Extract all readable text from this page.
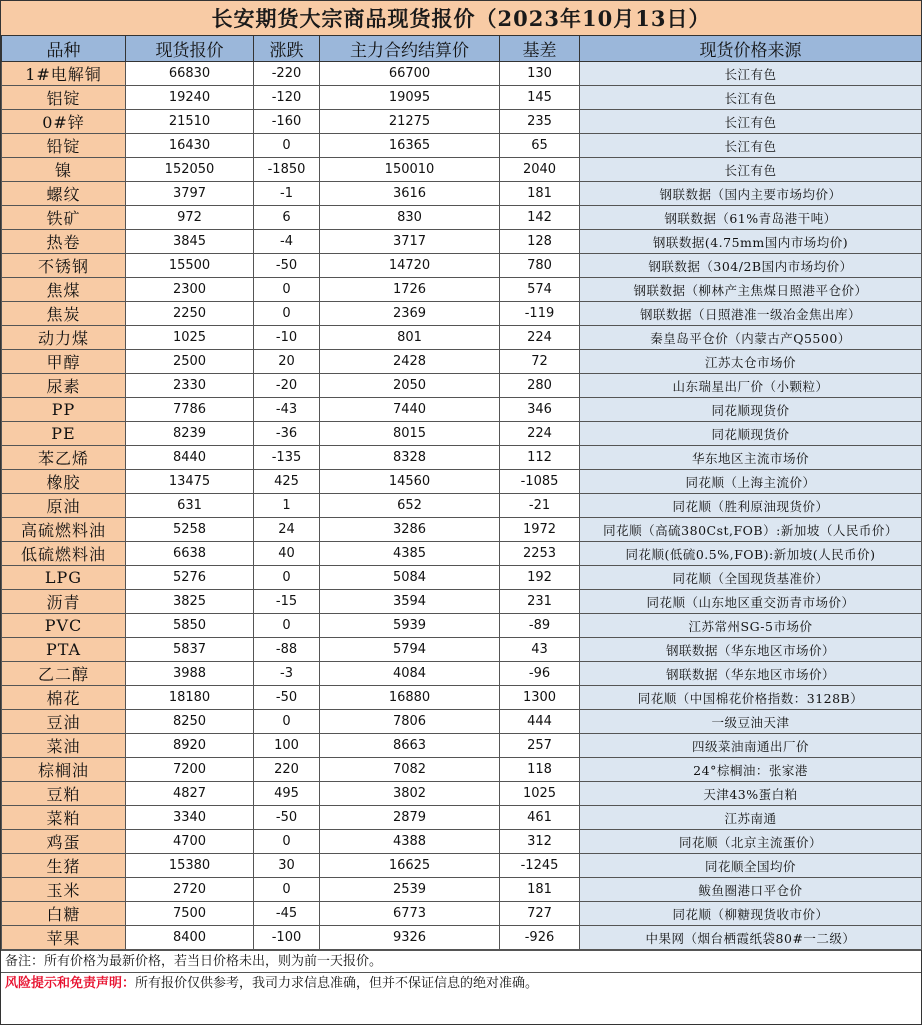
长安期货大宗商品现货报价（2023年10月13日）
品种	现货报价	涨跌	主力合约结算价	基差	现货价格来源
1#电解铜	66830	-220	66700	130	长江有色
铝锭	19240	-120	19095	145	长江有色
0#锌	21510	-160	21275	235	长江有色
铅锭	16430	0	16365	65	长江有色
镍	152050	-1850	150010	2040	长江有色
螺纹	3797	-1	3616	181	钢联数据（国内主要市场均价）
铁矿	972	6	830	142	钢联数据（61%青岛港干吨）
热卷	3845	-4	3717	128	钢联数据(4.75mm国内市场均价)
不锈钢	15500	-50	14720	780	钢联数据（304/2B国内市场均价）
焦煤	2300	0	1726	574	钢联数据（柳林产主焦煤日照港平仓价）
焦炭	2250	0	2369	-119	钢联数据（日照港准一级冶金焦出库）
动力煤	1025	-10	801	224	秦皇岛平仓价（内蒙古产Q5500）
甲醇	2500	20	2428	72	江苏太仓市场价
尿素	2330	-20	2050	280	山东瑞星出厂价（小颗粒）
PP	7786	-43	7440	346	同花顺现货价
PE	8239	-36	8015	224	同花顺现货价
苯乙烯	8440	-135	8328	112	华东地区主流市场价
橡胶	13475	425	14560	-1085	同花顺（上海主流价）
原油	631	1	652	-21	同花顺（胜利原油现货价）
高硫燃料油	5258	24	3286	1972	同花顺（高硫380Cst,FOB）:新加坡（人民币价）
低硫燃料油	6638	40	4385	2253	同花顺(低硫0.5%,FOB):新加坡(人民币价)
LPG	5276	0	5084	192	同花顺（全国现货基准价）
沥青	3825	-15	3594	231	同花顺（山东地区重交沥青市场价）
PVC	5850	0	5939	-89	江苏常州SG-5市场价
PTA	5837	-88	5794	43	钢联数据（华东地区市场价）
乙二醇	3988	-3	4084	-96	钢联数据（华东地区市场价）
棉花	18180	-50	16880	1300	同花顺（中国棉花价格指数：3128B）
豆油	8250	0	7806	444	一级豆油天津
菜油	8920	100	8663	257	四级菜油南通出厂价
棕榈油	7200	220	7082	118	24°棕榈油：张家港
豆粕	4827	495	3802	1025	天津43%蛋白粕
菜粕	3340	-50	2879	461	江苏南通
鸡蛋	4700	0	4388	312	同花顺（北京主流蛋价）
生猪	15380	30	16625	-1245	同花顺全国均价
玉米	2720	0	2539	181	鲅鱼圈港口平仓价
白糖	7500	-45	6773	727	同花顺（柳糖现货收市价）
苹果	8400	-100	9326	-926	中果网（烟台栖霞纸袋80#一二级）
备注：所有价格为最新价格，若当日价格未出，则为前一天报价。
风险提示和免责声明：所有报价仅供参考，我司力求信息准确，但并不保证信息的绝对准确。
